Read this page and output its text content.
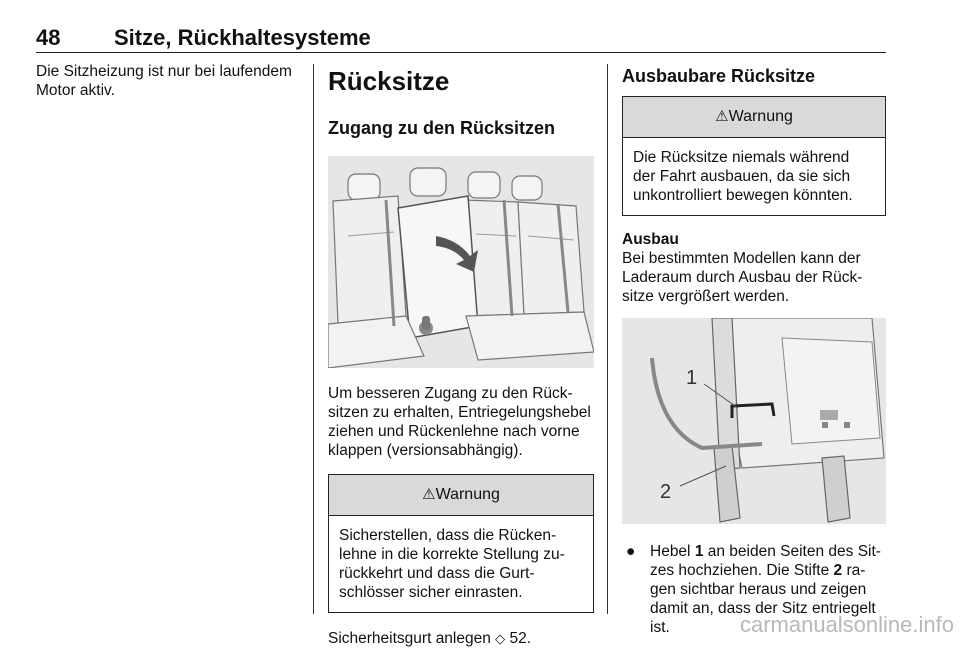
48 Sitze, Rückhaltesysteme

Die Sitzheizung ist nur bei laufendem Motor aktiv.	Rücksitze
Zugang zu den Rücksitzen

Um besseren Zugang zu den Rücksitzen zu erhalten, Entriegelungshebel ziehen und Rückenlehne nach vorne klappen (versionsabhängig).

⚠Warnung
Sicherstellen, dass die Rückenlehne in die korrekte Stellung zurückkehrt und dass die Gurtschlösser sicher einrasten.

Sicherheitsgurt anlegen ◇ 52.

Ausbaubare Rücksitze
⚠Warnung
Die Rücksitze niemals während der Fahrt ausbauen, da sie sich unkontrolliert bewegen könnten.
Ausbau

Bei bestimmten Modellen kann der Laderaum durch Ausbau der Rücksitze vergrößert werden.

1
2
● Hebel 1 an beiden Seiten des Sitzes hochziehen. Die Stifte 2 ragen sichtbar heraus und zeigen damit an, dass der Sitz entriegelt ist.	carmanualsonline.info
